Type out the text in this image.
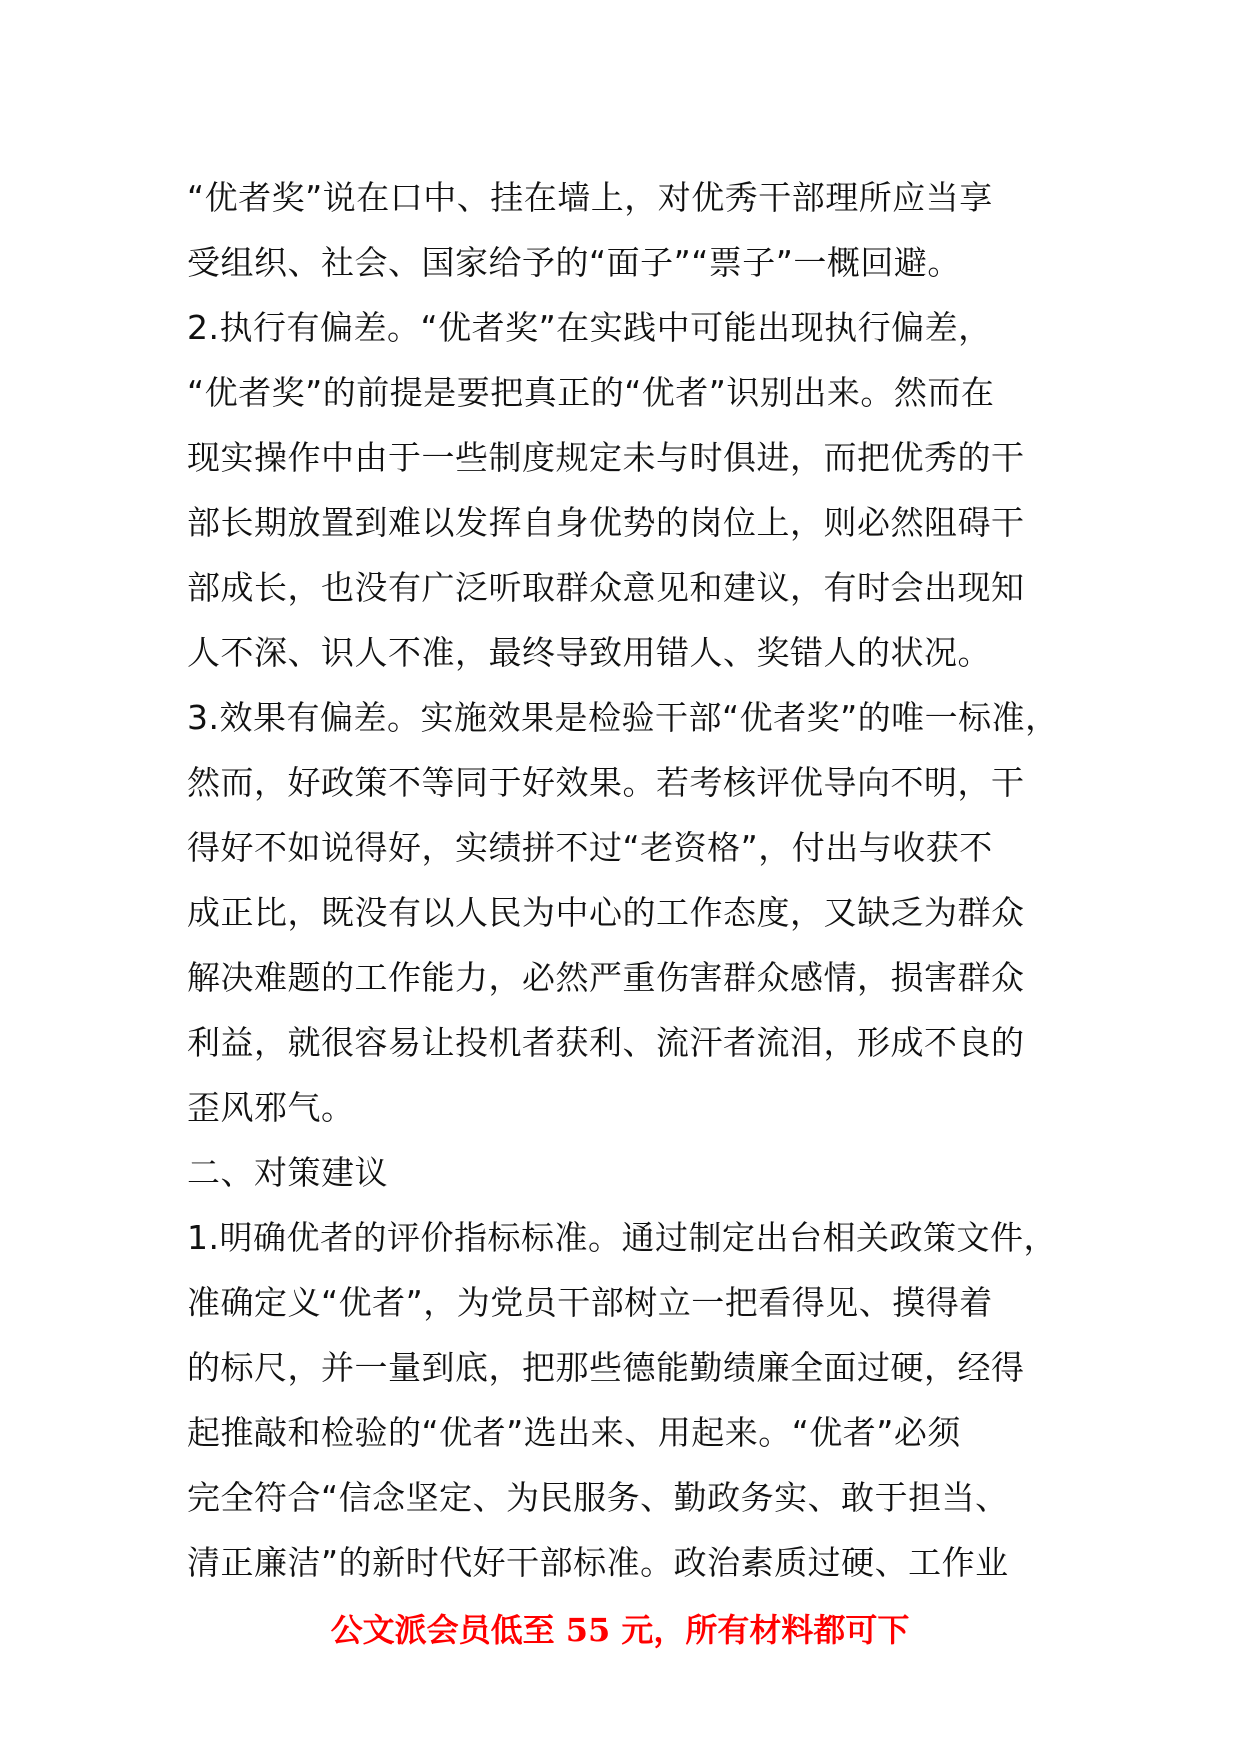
“优者奖”说在口中、挂在墙上，对优秀干部理所应当享
受组织、社会、国家给予的“面子”“票子”一概回避。
2.执行有偏差。“优者奖”在实践中可能出现执行偏差，
“优者奖”的前提是要把真正的“优者”识别出来。然而在
现实操作中由于一些制度规定未与时俱进，而把优秀的干
部长期放置到难以发挥自身优势的岗位上，则必然阻碍干
部成长，也没有广泛听取群众意见和建议，有时会出现知
人不深、识人不准，最终导致用错人、奖错人的状况。
3.效果有偏差。实施效果是检验干部“优者奖”的唯一标准，
然而，好政策不等同于好效果。若考核评优导向不明，干
得好不如说得好，实绩拼不过“老资格”，付出与收获不
成正比，既没有以人民为中心的工作态度，又缺乏为群众
解决难题的工作能力，必然严重伤害群众感情，损害群众
利益，就很容易让投机者获利、流汗者流泪，形成不良的
歪风邪气。
二、对策建议
1.明确优者的评价指标标准。通过制定出台相关政策文件，
准确定义“优者”，为党员干部树立一把看得见、摸得着
的标尺，并一量到底，把那些德能勤绩廉全面过硬，经得
起推敲和检验的“优者”选出来、用起来。“优者”必须
完全符合“信念坚定、为民服务、勤政务实、敢于担当、
清正廉洁”的新时代好干部标准。政治素质过硬、工作业
公文派会员低至 55 元，所有材料都可下
